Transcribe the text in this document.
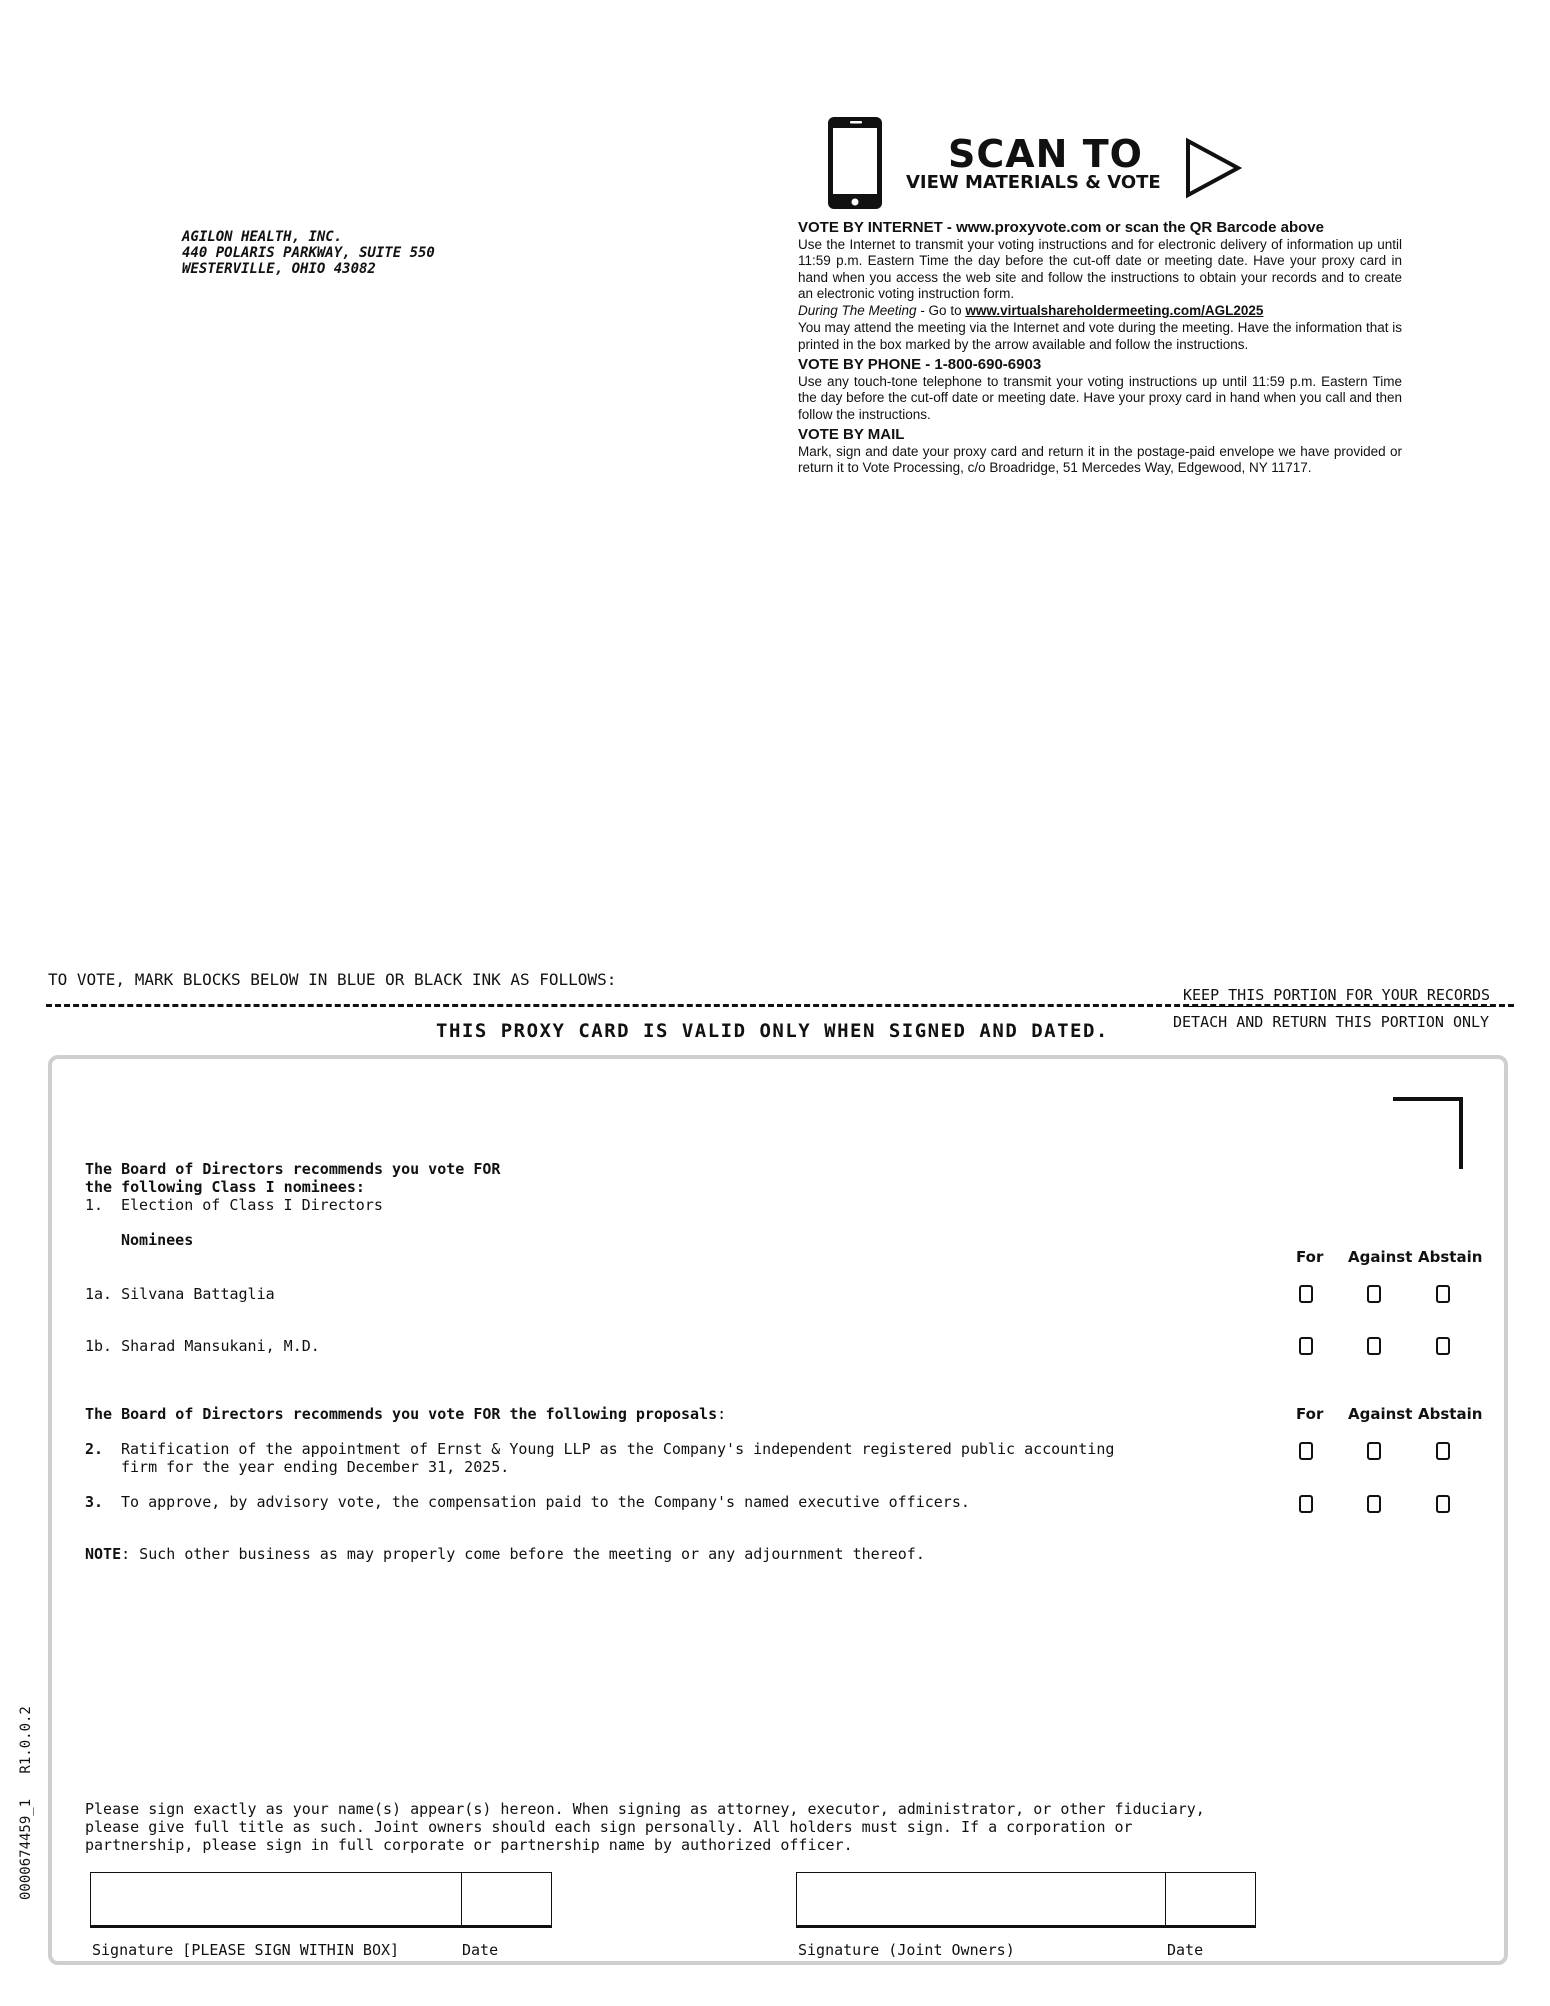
AGILON HEALTH, INC.
440 POLARIS PARKWAY, SUITE 550
WESTERVILLE, OHIO 43082
SCAN TO
VIEW MATERIALS & VOTE
VOTE BY INTERNET - www.proxyvote.com or scan the QR Barcode above

Use the Internet to transmit your voting instructions and for electronic delivery of information up until 11:59 p.m. Eastern Time the day before the cut-off date or meeting date. Have your proxy card in hand when you access the web site and follow the instructions to obtain your records and to create an electronic voting instruction form.

During The Meeting - Go to www.virtualshareholdermeeting.com/AGL2025

You may attend the meeting via the Internet and vote during the meeting. Have the information that is printed in the box marked by the arrow available and follow the instructions.

VOTE BY PHONE - 1-800-690-6903

Use any touch-tone telephone to transmit your voting instructions up until 11:59 p.m. Eastern Time the day before the cut-off date or meeting date. Have your proxy card in hand when you call and then follow the instructions.

VOTE BY MAIL

Mark, sign and date your proxy card and return it in the postage-paid envelope we have provided or return it to Vote Processing, c/o Broadridge, 51 Mercedes Way, Edgewood, NY 11717.

TO VOTE, MARK BLOCKS BELOW IN BLUE OR BLACK INK AS FOLLOWS:
KEEP THIS PORTION FOR YOUR RECORDS
THIS PROXY CARD IS VALID ONLY WHEN SIGNED AND DATED.	DETACH AND RETURN THIS PORTION ONLY
The Board of Directors recommends you vote FOR
the following Class I nominees:
1. Election of Class I Directors
Nominees
For Against Abstain
1a. Silvana Battaglia
1b. Sharad Mansukani, M.D.
The Board of Directors recommends you vote FOR the following proposals:	For Against Abstain
2. Ratification of the appointment of Ernst & Young LLP as the Company's independent registered public accounting
firm for the year ending December 31, 2025.
3. To approve, by advisory vote, the compensation paid to the Company's named executive officers.
NOTE: Such other business as may properly come before the meeting or any adjournment thereof.
Please sign exactly as your name(s) appear(s) hereon. When signing as attorney, executor, administrator, or other fiduciary,
please give full title as such. Joint owners should each sign personally. All holders must sign. If a corporation or
partnership, please sign in full corporate or partnership name by authorized officer.
Signature [PLEASE SIGN WITHIN BOX]	Date	Signature (Joint Owners)	Date
0000674459_1   R1.0.0.2
